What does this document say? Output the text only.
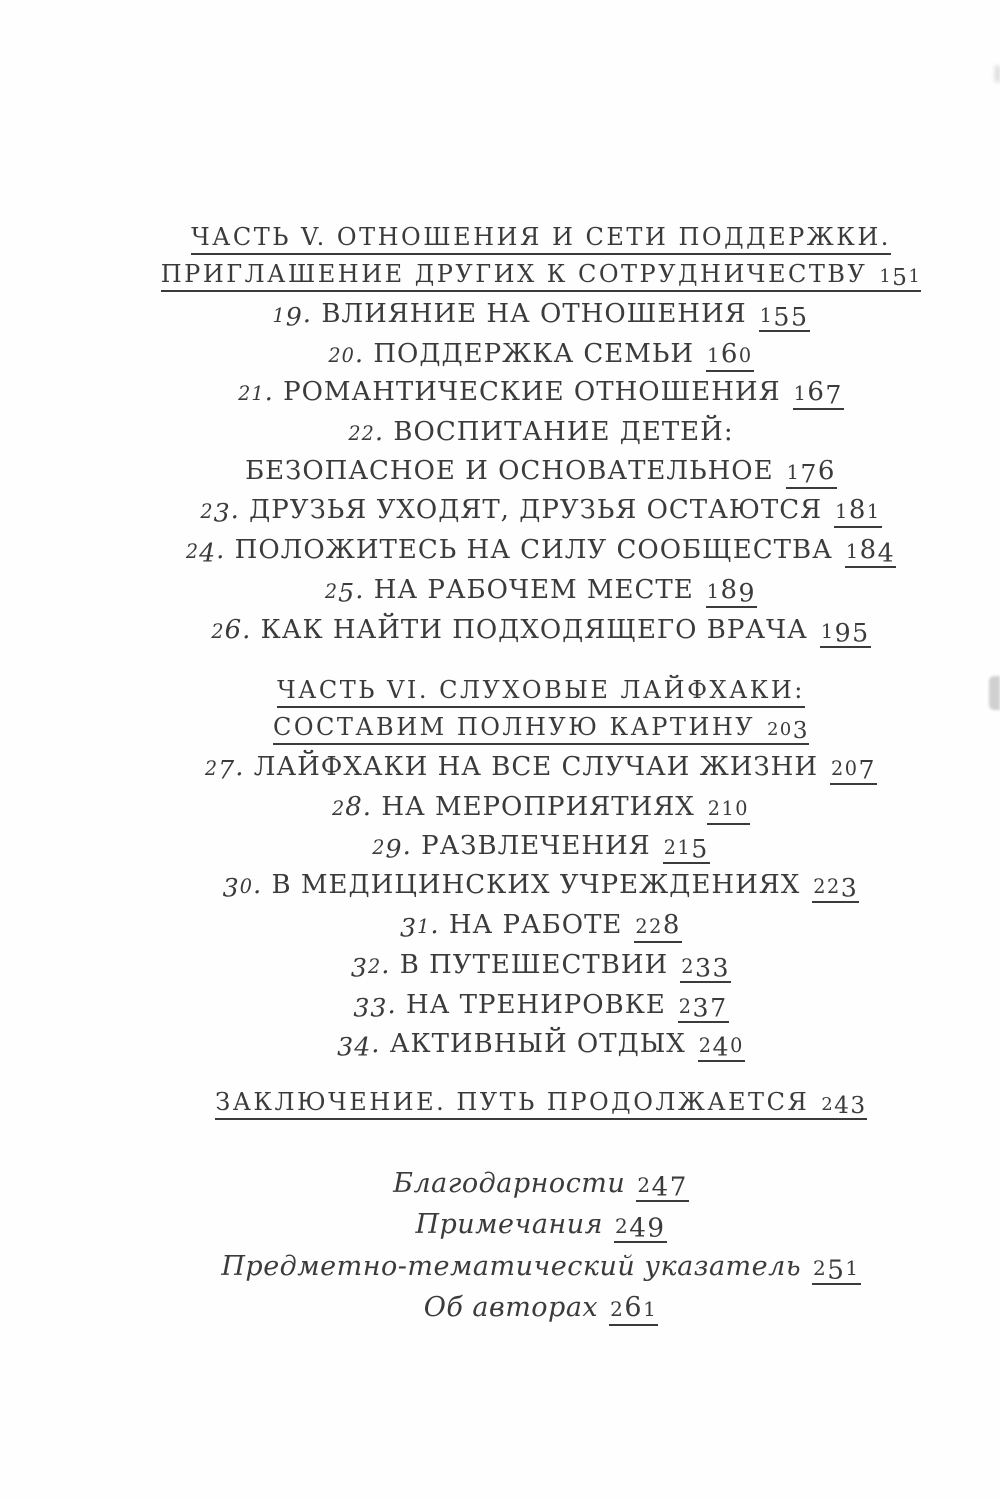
ЧАСТЬ V. ОТНОШЕНИЯ И СЕТИ ПОДДЕРЖКИ.
ПРИГЛАШЕНИЕ ДРУГИХ К СОТРУДНИЧЕСТВУ 151
19. ВЛИЯНИЕ НА ОТНОШЕНИЯ 155
20. ПОДДЕРЖКА СЕМЬИ 160
21. РОМАНТИЧЕСКИЕ ОТНОШЕНИЯ 167
22. ВОСПИТАНИЕ ДЕТЕЙ:
БЕЗОПАСНОЕ И ОСНОВАТЕЛЬНОЕ 176
23. ДРУЗЬЯ УХОДЯТ, ДРУЗЬЯ ОСТАЮТСЯ 181
24. ПОЛОЖИТЕСЬ НА СИЛУ СООБЩЕСТВА 184
25. НА РАБОЧЕМ МЕСТЕ 189
26. КАК НАЙТИ ПОДХОДЯЩЕГО ВРАЧА 195
ЧАСТЬ VI. СЛУХОВЫЕ ЛАЙФХАКИ:
СОСТАВИМ ПОЛНУЮ КАРТИНУ 203
27. ЛАЙФХАКИ НА ВСЕ СЛУЧАИ ЖИЗНИ 207
28. НА МЕРОПРИЯТИЯХ 210
29. РАЗВЛЕЧЕНИЯ 215
30. В МЕДИЦИНСКИХ УЧРЕЖДЕНИЯХ 223
31. НА РАБОТЕ 228
32. В ПУТЕШЕСТВИИ 233
33. НА ТРЕНИРОВКЕ 237
34. АКТИВНЫЙ ОТДЫХ 240
ЗАКЛЮЧЕНИЕ. ПУТЬ ПРОДОЛЖАЕТСЯ 243
Благодарности 247
Примечания 249
Предметно-тематический указатель 251
Об авторах 261
